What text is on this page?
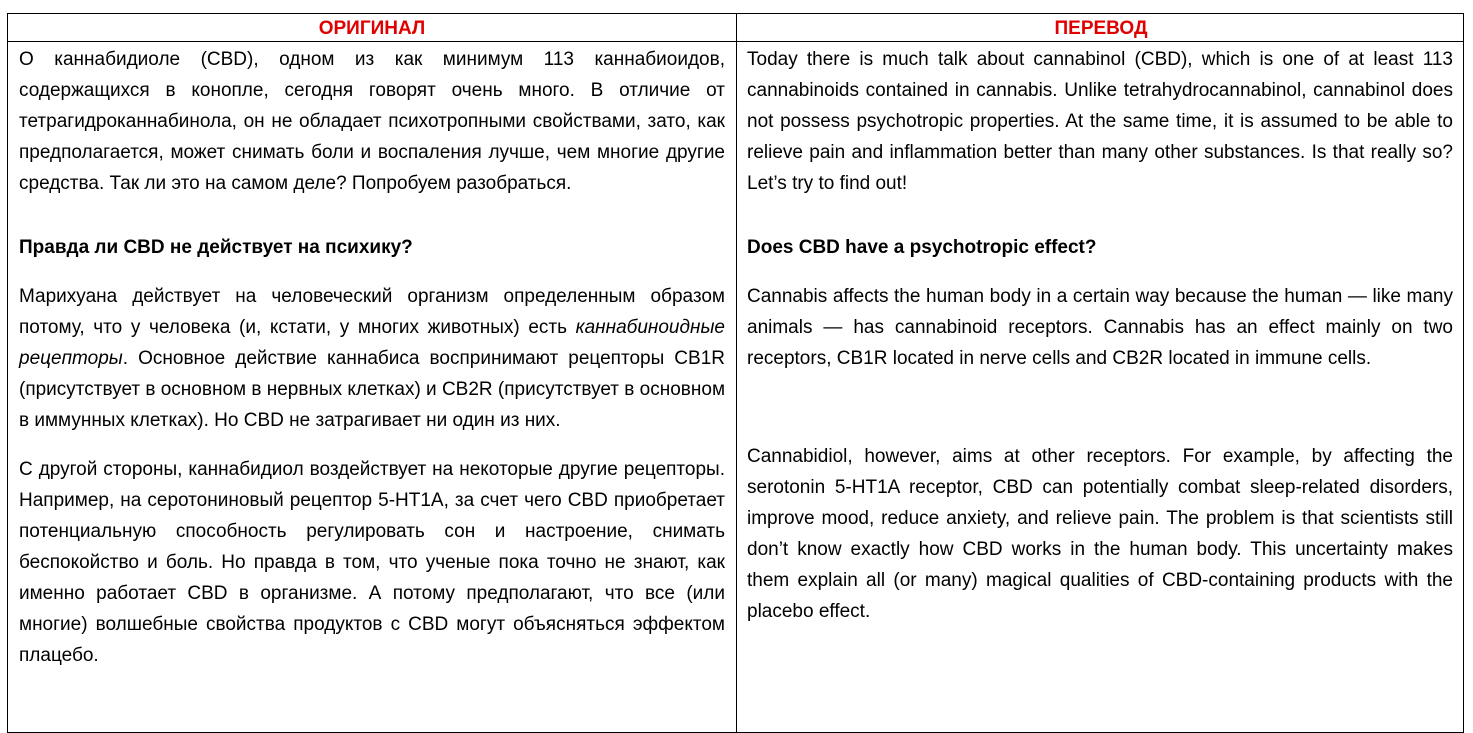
ОРИГИНАЛ	ПЕРЕВОД

О каннабидиоле (CBD), одном из как минимум 113 каннабиоидов, содержащихся в конопле, сегодня говорят очень много. В отличие от тетрагидроканнабинола, он не обладает психотропными свойствами, зато, как предполагается, может снимать боли и воспаления лучше, чем многие другие средства. Так ли это на самом деле? Попробуем разобраться.

Правда ли CBD не действует на психику?

Марихуана действует на человеческий организм определенным образом потому, что у человека (и, кстати, у многих животных) есть каннабиноидные рецепторы. Основное действие каннабиса воспринимают рецепторы CB1R (присутствует в основном в нервных клетках) и CB2R (присутствует в основном в иммунных клетках). Но CBD не затрагивает ни один из них.

С другой стороны, каннабидиол воздействует на некоторые другие рецепторы. Например, на серотониновый рецептор 5-HT1A, за счет чего CBD приобретает потенциальную способность регулировать сон и настроение, снимать беспокойство и боль. Но правда в том, что ученые пока точно не знают, как именно работает CBD в организме. А потому предполагают, что все (или многие) волшебные свойства продуктов с CBD могут объясняться эффектом плацебо.

Today there is much talk about cannabinol (CBD), which is one of at least 113 cannabinoids contained in cannabis. Unlike tetrahydrocannabinol, cannabinol does not possess psychotropic properties. At the same time, it is assumed to be able to relieve pain and inflammation better than many other substances. Is that really so? Let’s try to find out!

Does CBD have a psychotropic effect?

Cannabis affects the human body in a certain way because the human — like many animals — has cannabinoid receptors. Cannabis has an effect mainly on two receptors, CB1R located in nerve cells and CB2R located in immune cells.

Cannabidiol, however, aims at other receptors. For example, by affecting the serotonin 5-HT1A receptor, CBD can potentially combat sleep-related disorders, improve mood, reduce anxiety, and relieve pain. The problem is that scientists still don’t know exactly how CBD works in the human body. This uncertainty makes them explain all (or many) magical qualities of CBD-containing products with the placebo effect.
